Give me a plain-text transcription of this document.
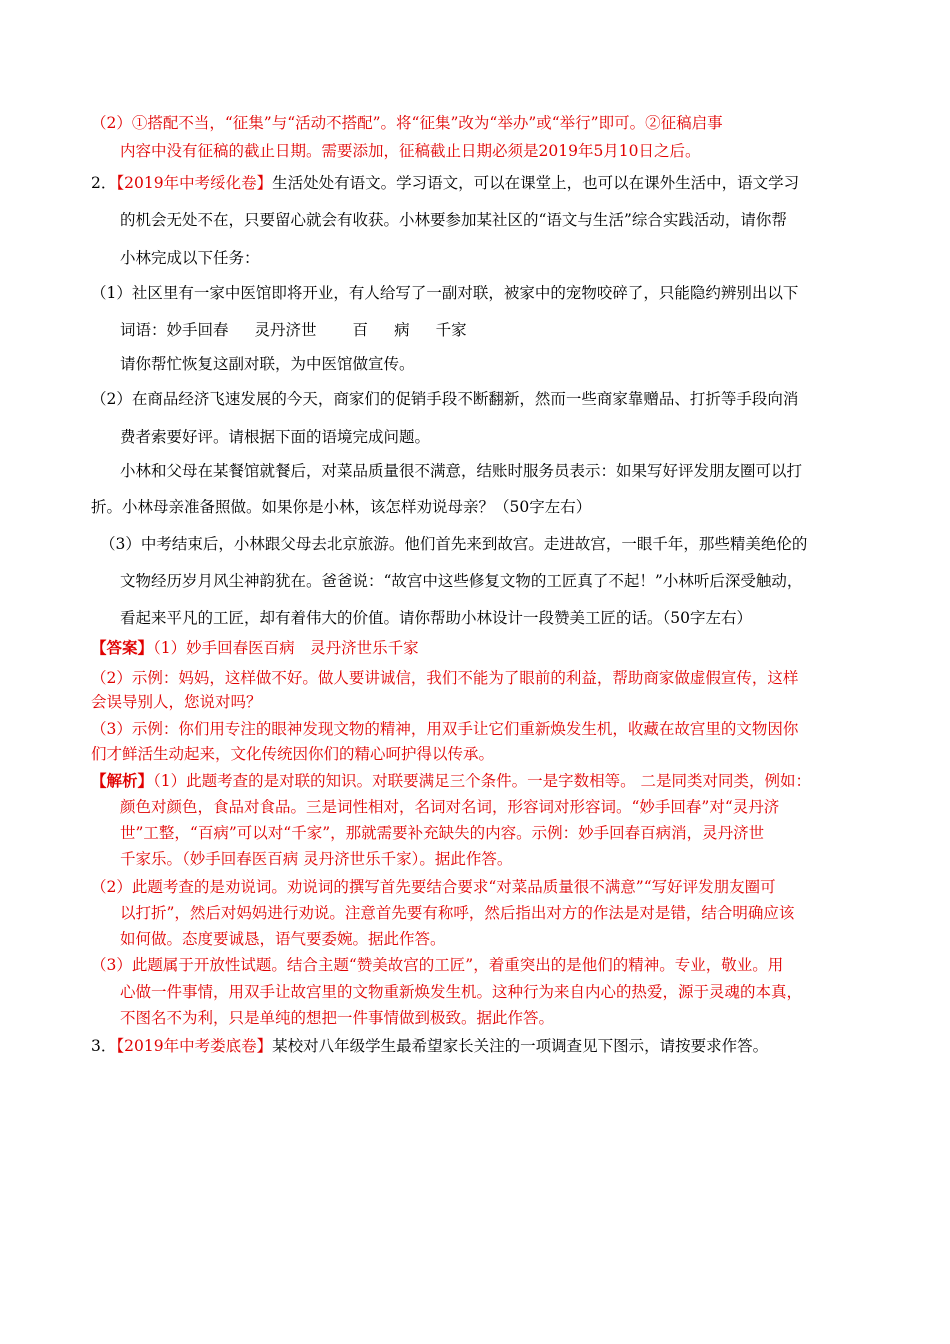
（2）①搭配不当，“征集”与“活动不搭配”。将“征集”改为“举办”或“举行”即可。②征稿启事
内容中没有征稿的截止日期。需要添加，征稿截止日期必须是2019年5月10日之后。
2．【2019年中考绥化卷】生活处处有语文。学习语文，可以在课堂上，也可以在课外生活中，语文学习
的机会无处不在，只要留心就会有收获。小林要参加某社区的“语文与生活”综合实践活动，请你帮
小林完成以下任务：
（1）社区里有一家中医馆即将开业，有人给写了一副对联，被家中的宠物咬碎了，只能隐约辨别出以下
词语：妙手回春 灵丹济世 百 病 千家
请你帮忙恢复这副对联，为中医馆做宣传。
（2）在商品经济飞速发展的今天，商家们的促销手段不断翻新，然而一些商家靠赠品、打折等手段向消
费者索要好评。请根据下面的语境完成问题。
小林和父母在某餐馆就餐后，对菜品质量很不满意，结账时服务员表示：如果写好评发朋友圈可以打
折。小林母亲准备照做。如果你是小林，该怎样劝说母亲？（50字左右）
（3）中考结束后，小林跟父母去北京旅游。他们首先来到故宫。走进故宫，一眼千年，那些精美绝伦的
文物经历岁月风尘神韵犹在。爸爸说：“故宫中这些修复文物的工匠真了不起！”小林听后深受触动，
看起来平凡的工匠，却有着伟大的价值。请你帮助小林设计一段赞美工匠的话。（50字左右）
【答案】（1）妙手回春医百病　灵丹济世乐千家
（2）示例：妈妈，这样做不好。做人要讲诚信，我们不能为了眼前的利益，帮助商家做虚假宣传，这样
会误导别人，您说对吗？
（3）示例：你们用专注的眼神发现文物的精神，用双手让它们重新焕发生机，收藏在故宫里的文物因你
们才鲜活生动起来，文化传统因你们的精心呵护得以传承。
【解析】（1）此题考查的是对联的知识。对联要满足三个条件。一是字数相等。 二是同类对同类，例如：
颜色对颜色，食品对食品。三是词性相对，名词对名词，形容词对形容词。“妙手回春”对“灵丹济
世”工整，“百病”可以对“千家”，那就需要补充缺失的内容。示例：妙手回春百病消，灵丹济世
千家乐。（妙手回春医百病 灵丹济世乐千家）。据此作答。
（2）此题考查的是劝说词。劝说词的撰写首先要结合要求“对菜品质量很不满意”“写好评发朋友圈可
以打折”，然后对妈妈进行劝说。注意首先要有称呼，然后指出对方的作法是对是错，结合明确应该
如何做。态度要诚恳，语气要委婉。据此作答。
（3）此题属于开放性试题。结合主题“赞美故宫的工匠”，着重突出的是他们的精神。专业，敬业。用
心做一件事情，用双手让故宫里的文物重新焕发生机。这种行为来自内心的热爱，源于灵魂的本真，
不图名不为利，只是单纯的想把一件事情做到极致。据此作答。
3．【2019年中考娄底卷】某校对八年级学生最希望家长关注的一项调查见下图示，请按要求作答。
